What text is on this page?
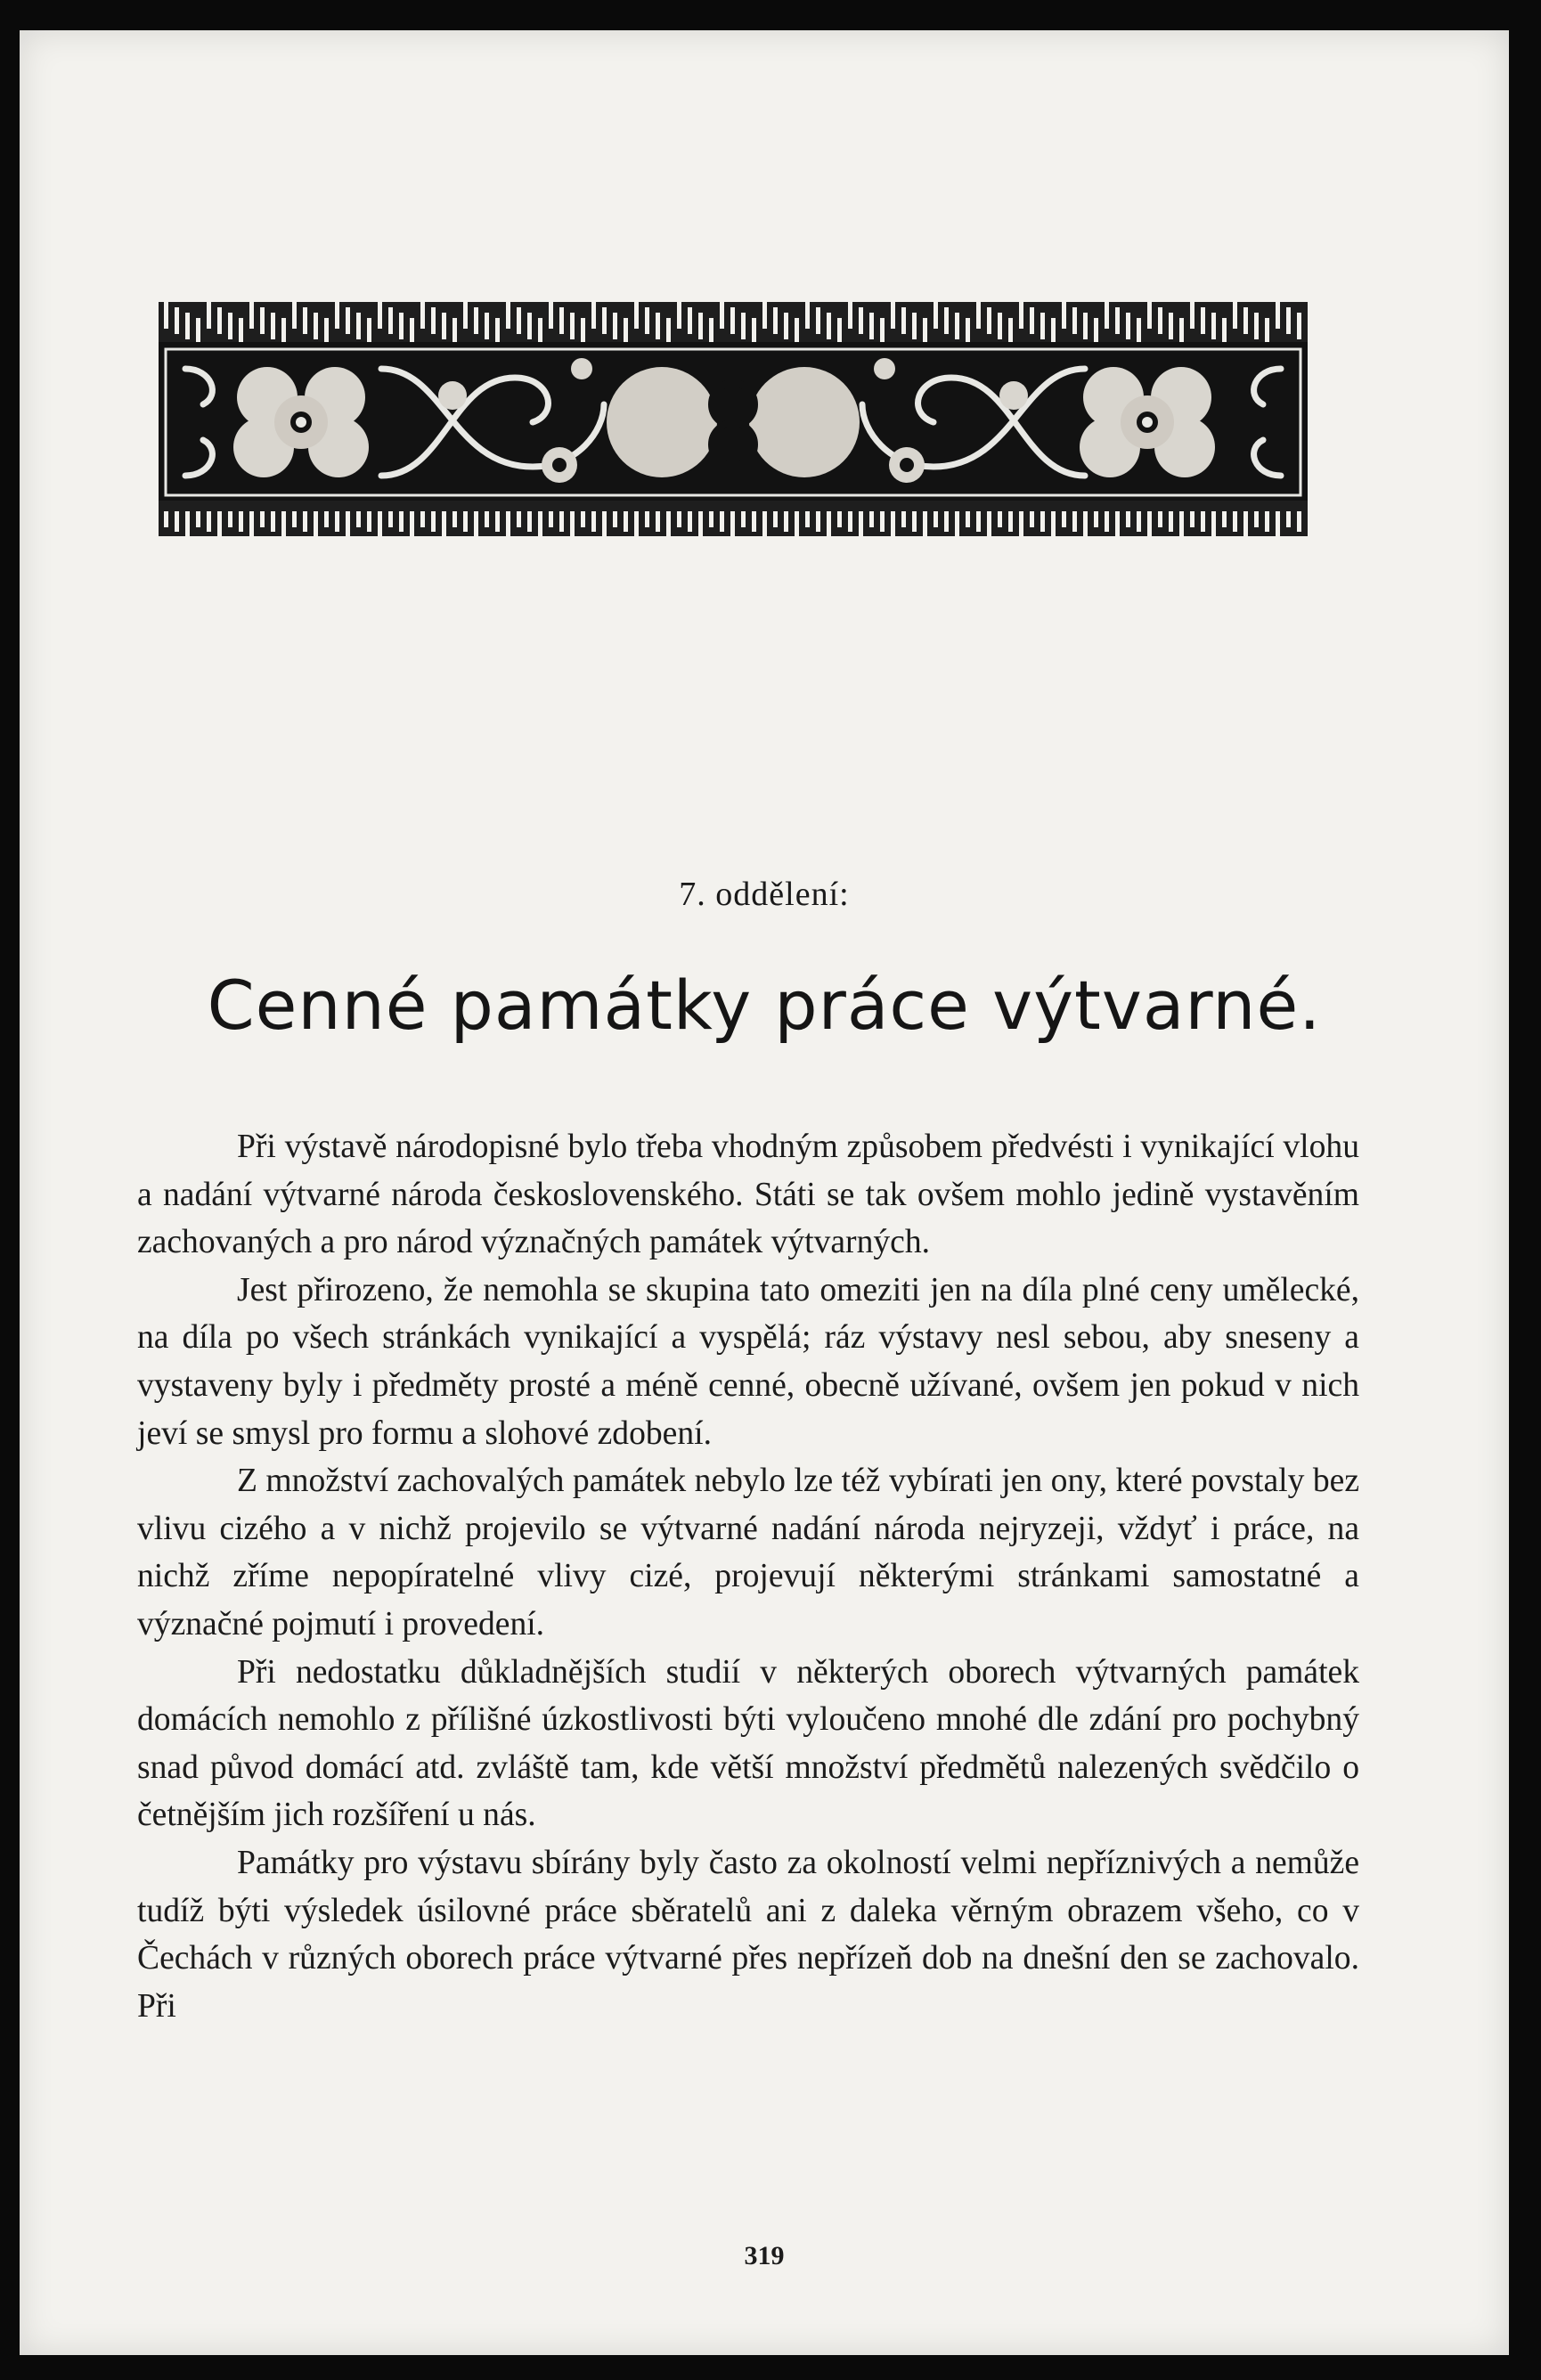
7. oddělení:
Cenné památky práce výtvarné.

Při výstavě národopisné bylo třeba vhodným způsobem předvésti i vynikající vlohu a nadání výtvarné národa československého. Státi se tak ovšem mohlo jedině vystavěním zachovaných a pro národ význačných památek výtvarných.

Jest přirozeno, že nemohla se skupina tato omeziti jen na díla plné ceny umělecké, na díla po všech stránkách vynikající a vyspělá; ráz výstavy nesl sebou, aby sneseny a vystaveny byly i předměty prosté a méně cenné, obecně užívané, ovšem jen pokud v nich jeví se smysl pro formu a slohové zdobení.

Z množství zachovalých památek nebylo lze též vybírati jen ony, které povstaly bez vlivu cizého a v nichž projevilo se výtvarné nadání národa nejryzeji, vždyť i práce, na nichž zříme nepopíratelné vlivy cizé, projevují některými stránkami samostatné a význačné pojmutí i provedení.

Při nedostatku důkladnějších studií v některých oborech výtvarných památek domácích nemohlo z přílišné úzkostlivosti býti vyloučeno mnohé dle zdání pro pochybný snad původ domácí atd. zvláště tam, kde větší množství předmětů nalezených svědčilo o četnějším jich rozšíření u nás.

Památky pro výstavu sbírány byly často za okolností velmi nepříznivých a nemůže tudíž býti výsledek úsilovné práce sběratelů ani z daleka věrným obrazem všeho, co v Čechách v různých oborech práce výtvarné přes nepřízeň dob na dnešní den se zachovalo. Při

319
